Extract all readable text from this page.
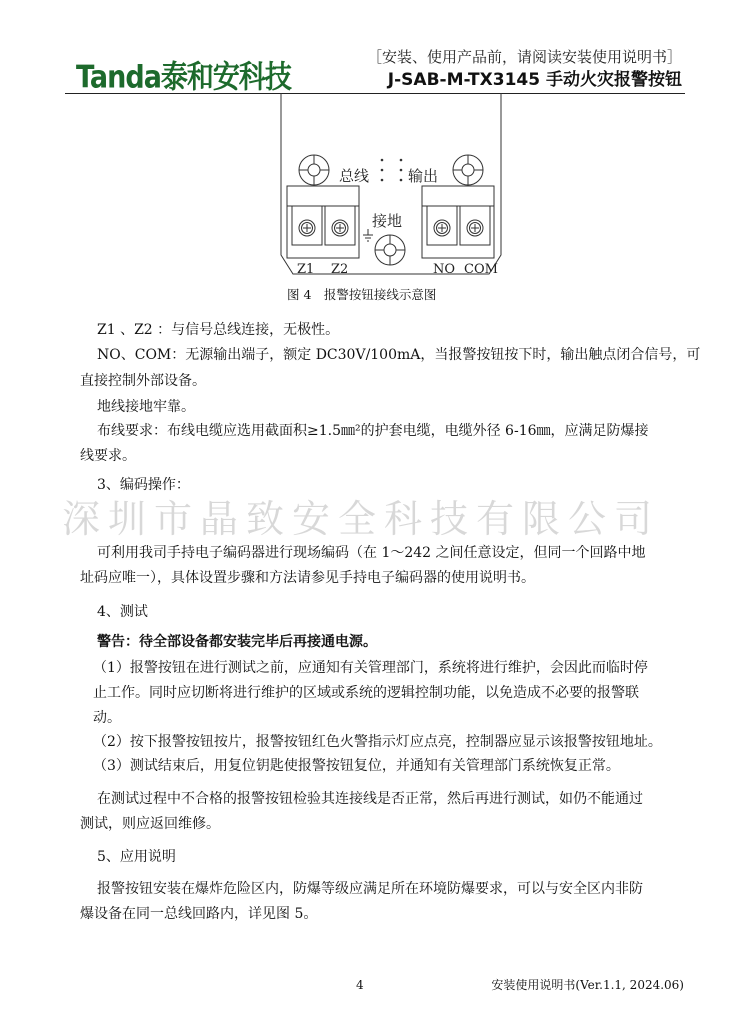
Tanda泰和安科技
［安装、使用产品前，请阅读安装使用说明书］
J-SAB-M-TX3145 手动火灾报警按钮
总线	输出
接地
Z1 Z2	NO COM
图 4　报警按钮接线示意图
Z1 、Z2 ：与信号总线连接，无极性。
NO、COM：无源输出端子，额定 DC30V/100mA，当报警按钮按下时，输出触点闭合信号，可
直接控制外部设备。
地线接地牢靠。
布线要求：布线电缆应选用截面积≥1.5㎜²的护套电缆，电缆外径 6-16㎜，应满足防爆接
线要求。
3、编码操作：
深圳市晶致安全科技有限公司
可利用我司手持电子编码器进行现场编码（在 1～242 之间任意设定，但同一个回路中地
址码应唯一），具体设置步骤和方法请参见手持电子编码器的使用说明书。
4、测试
警告：待全部设备都安装完毕后再接通电源。
（1）报警按钮在进行测试之前，应通知有关管理部门，系统将进行维护，会因此而临时停
止工作。同时应切断将进行维护的区域或系统的逻辑控制功能，以免造成不必要的报警联
动。
（2）按下报警按钮按片，报警按钮红色火警指示灯应点亮，控制器应显示该报警按钮地址。
（3）测试结束后，用复位钥匙使报警按钮复位，并通知有关管理部门系统恢复正常。
在测试过程中不合格的报警按钮检验其连接线是否正常，然后再进行测试，如仍不能通过
测试，则应返回维修。
5、应用说明
报警按钮安装在爆炸危险区内，防爆等级应满足所在环境防爆要求，可以与安全区内非防
爆设备在同一总线回路内，详见图 5。
4	安装使用说明书(Ver.1.1, 2024.06)
